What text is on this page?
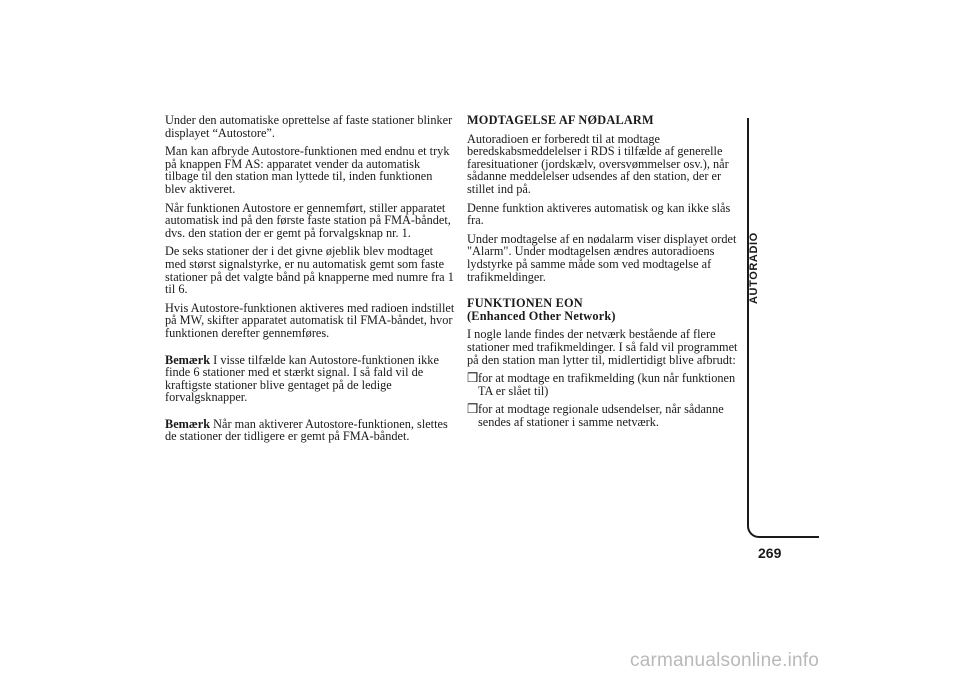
Under den automatiske oprettelse af faste stationer blinker displayet “Autostore”.

Man kan afbryde Autostore-funktionen med endnu et tryk på knappen FM AS: apparatet vender da automatisk tilbage til den station man lyttede til, inden funktionen blev aktiveret.

Når funktionen Autostore er gennemført, stiller apparatet automatisk ind på den første faste station på FMA-båndet, dvs. den station der er gemt på forvalgsknap nr. 1.

De seks stationer der i det givne øjeblik blev modtaget med størst signalstyrke, er nu automatisk gemt som faste stationer på det valgte bånd på knapperne med numre fra 1 til 6.

Hvis Autostore-funktionen aktiveres med radioen indstillet på MW, skifter apparatet automatisk til FMA-båndet, hvor funktionen derefter gennemføres.

Bemærk I visse tilfælde kan Autostore-funktionen ikke finde 6 stationer med et stærkt signal. I så fald vil de kraftigste stationer blive gentaget på de ledige forvalgsknapper.

Bemærk Når man aktiverer Autostore-funktionen, slettes de stationer der tidligere er gemt på FMA-båndet.

MODTAGELSE AF NØDALARM

Autoradioen er forberedt til at modtage beredskabsmeddelelser i RDS i tilfælde af generelle faresituationer (jordskælv, oversvømmelser osv.), når sådanne meddelelser udsendes af den station, der er stillet ind på.

Denne funktion aktiveres automatisk og kan ikke slås fra.

Under modtagelse af en nødalarm viser displayet ordet "Alarm". Under modtagelsen ændres autoradioens lydstyrke på samme måde som ved modtagelse af trafikmeldinger.

FUNKTIONEN EON
(Enhanced Other Network)

I nogle lande findes der netværk bestående af flere stationer med trafikmeldinger. I så fald vil programmet på den station man lytter til, midlertidigt blive afbrudt:

❒ for at modtage en trafikmelding (kun når funktionen TA er slået til)

❒ for at modtage regionale udsendelser, når sådanne sendes af stationer i samme netværk.

AUTORADIO
269
carmanualsonline.info
